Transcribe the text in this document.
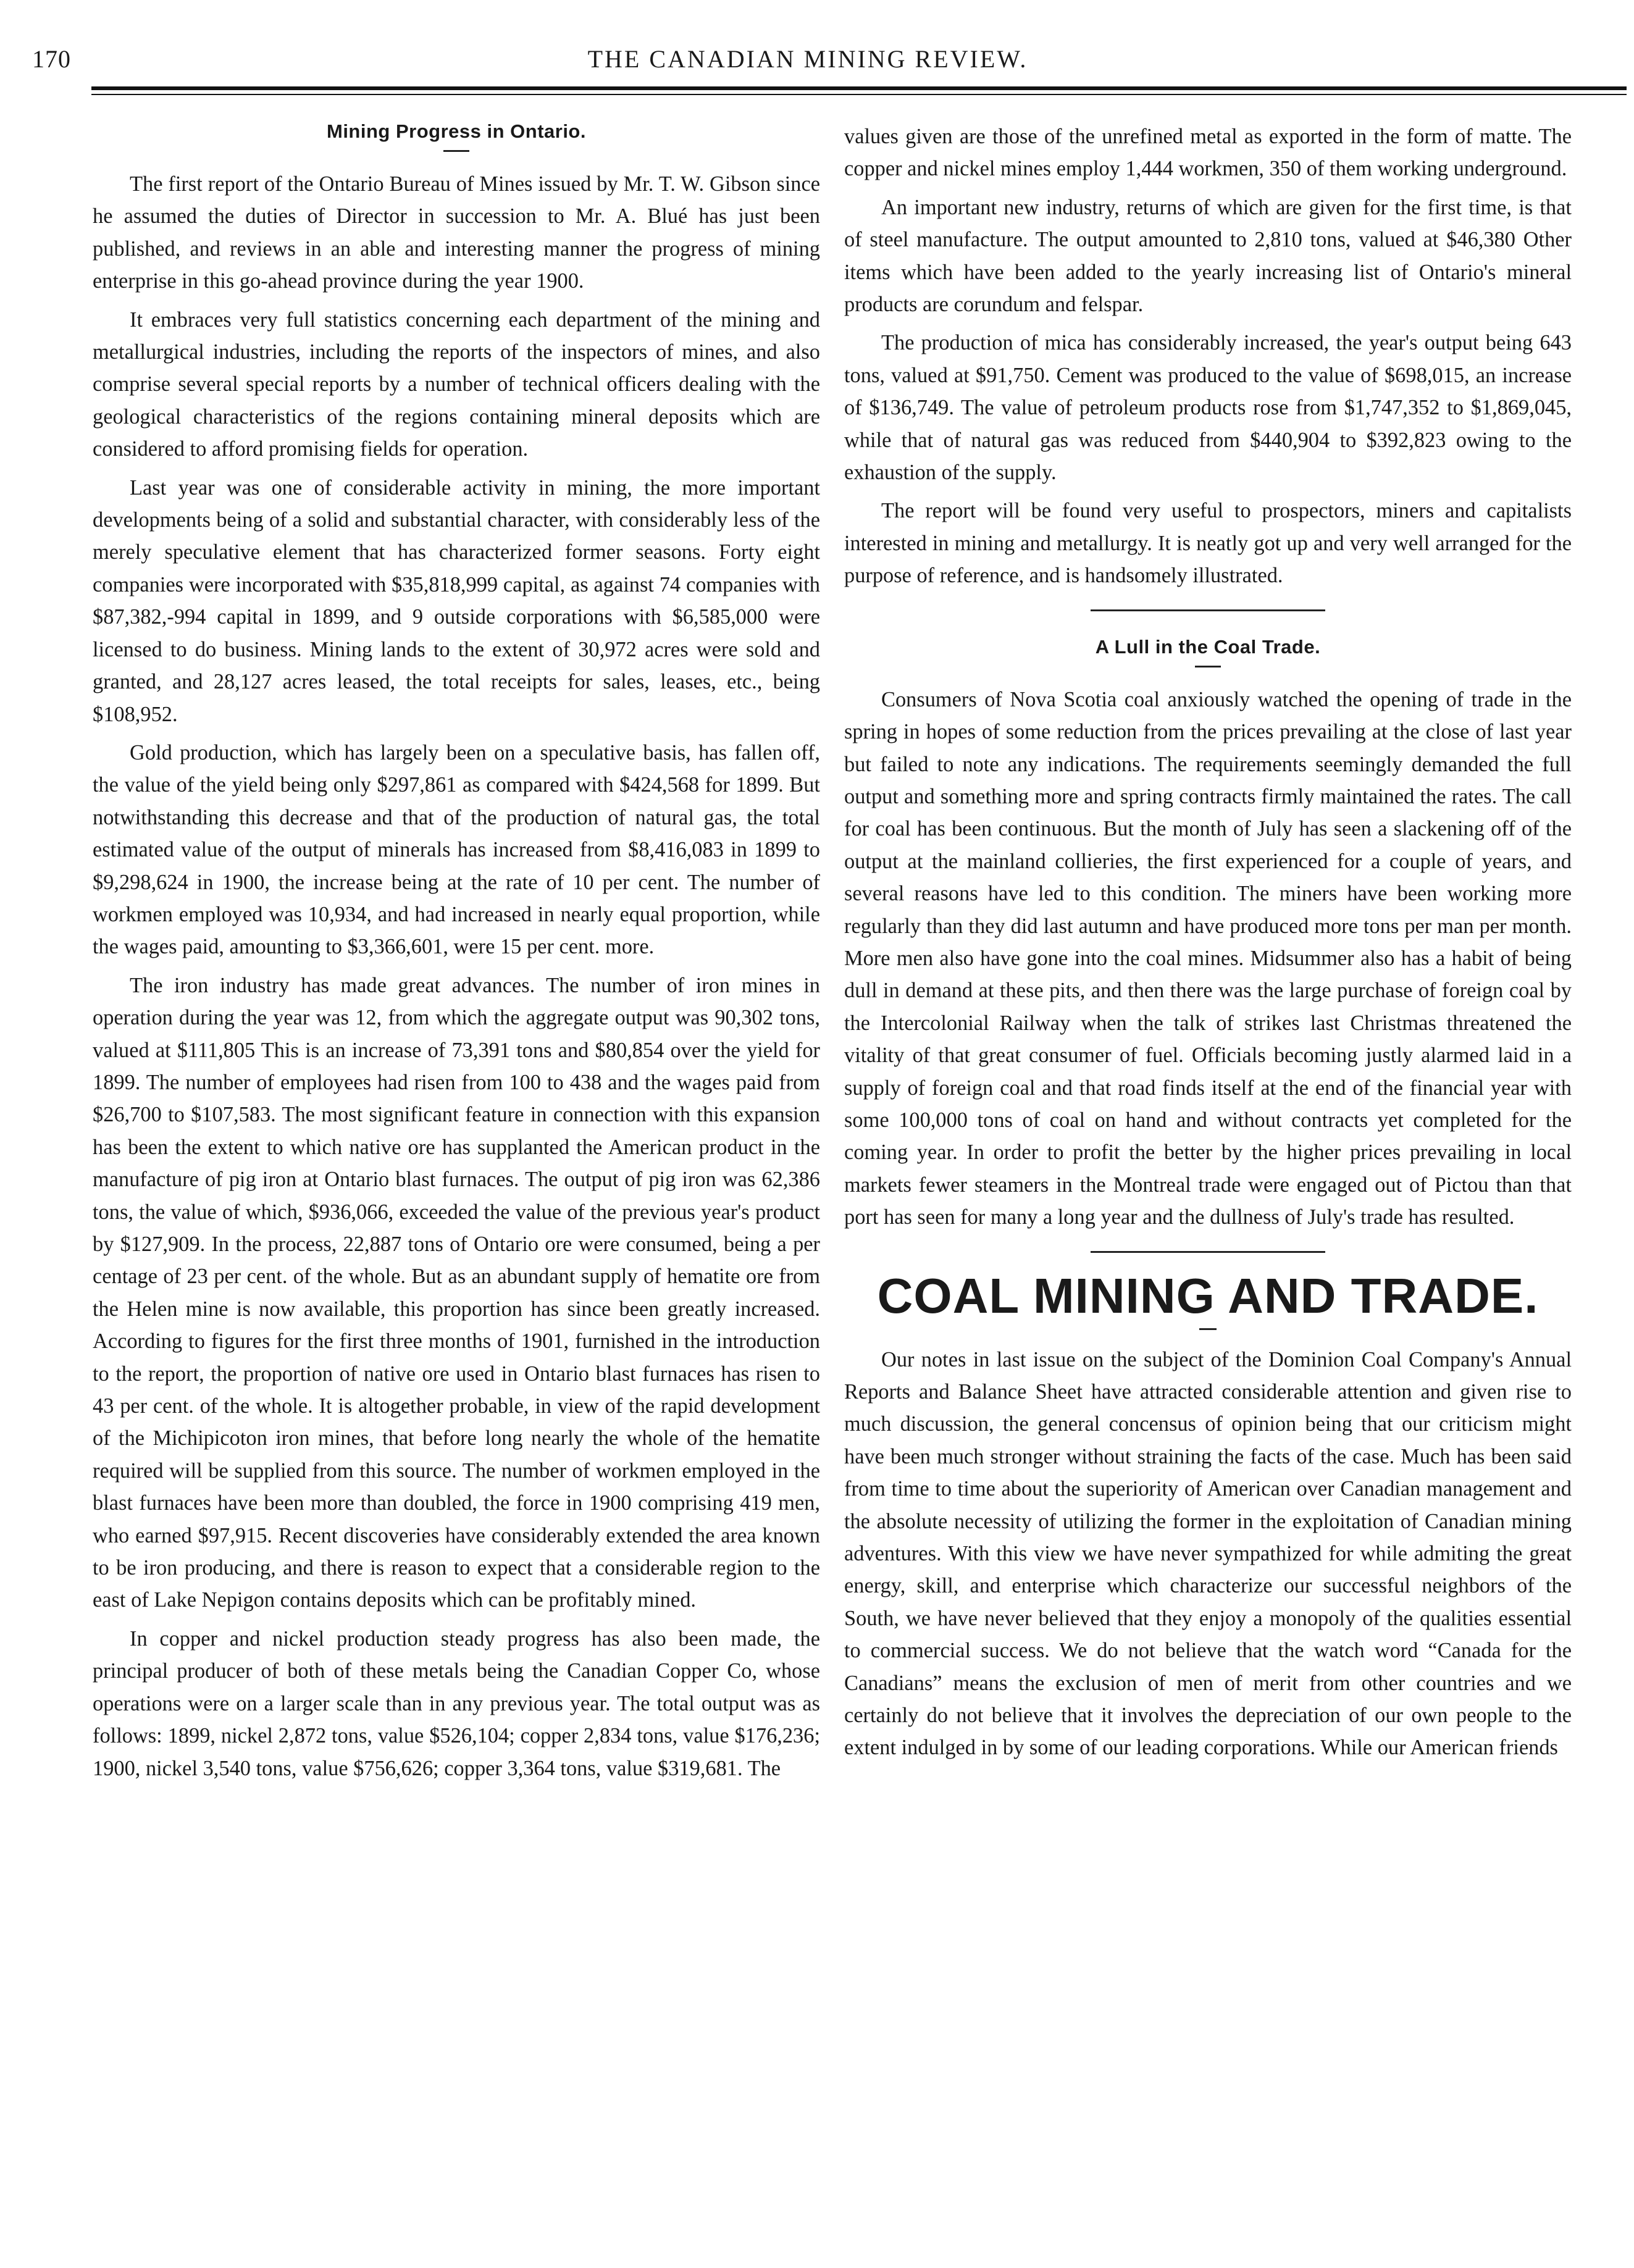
170	THE CANADIAN MINING REVIEW.
Mining Progress in Ontario.

The first report of the Ontario Bureau of Mines issued by Mr. T. W. Gibson since he assumed the duties of Director in succession to Mr. A. Blué has just been published, and reviews in an able and interesting manner the progress of mining enterprise in this go-ahead province during the year 1900.

It embraces very full statistics concerning each department of the mining and metallurgical industries, including the reports of the inspectors of mines, and also comprise several special reports by a number of technical officers dealing with the geological characteristics of the regions containing mineral deposits which are considered to afford promising fields for operation.

Last year was one of considerable activity in mining, the more important developments being of a solid and substantial character, with considerably less of the merely speculative element that has characterized former seasons. Forty eight companies were incorporated with $35,818,999 capital, as against 74 companies with $87,382,-994 capital in 1899, and 9 outside corporations with $6,585,000 were licensed to do business. Mining lands to the extent of 30,972 acres were sold and granted, and 28,127 acres leased, the total receipts for sales, leases, etc., being $108,952.

Gold production, which has largely been on a speculative basis, has fallen off, the value of the yield being only $297,861 as compared with $424,568 for 1899. But notwithstanding this decrease and that of the production of natural gas, the total estimated value of the output of minerals has increased from $8,416,083 in 1899 to $9,298,624 in 1900, the increase being at the rate of 10 per cent. The number of workmen employed was 10,934, and had increased in nearly equal proportion, while the wages paid, amounting to $3,366,601, were 15 per cent. more.

The iron industry has made great advances. The number of iron mines in operation during the year was 12, from which the aggregate output was 90,302 tons, valued at $111,805 This is an increase of 73,391 tons and $80,854 over the yield for 1899. The number of employees had risen from 100 to 438 and the wages paid from $26,700 to $107,583. The most significant feature in connection with this expansion has been the extent to which native ore has supplanted the American product in the manufacture of pig iron at Ontario blast furnaces. The output of pig iron was 62,386 tons, the value of which, $936,066, exceeded the value of the previous year's product by $127,909. In the process, 22,887 tons of Ontario ore were consumed, being a per centage of 23 per cent. of the whole. But as an abundant supply of hematite ore from the Helen mine is now available, this proportion has since been greatly increased. According to figures for the first three months of 1901, furnished in the introduction to the report, the proportion of native ore used in Ontario blast furnaces has risen to 43 per cent. of the whole. It is altogether probable, in view of the rapid development of the Michipicoton iron mines, that before long nearly the whole of the hematite required will be supplied from this source. The number of workmen employed in the blast furnaces have been more than doubled, the force in 1900 comprising 419 men, who earned $97,915. Recent discoveries have considerably extended the area known to be iron producing, and there is reason to expect that a considerable region to the east of Lake Nepigon contains deposits which can be profitably mined.

In copper and nickel production steady progress has also been made, the principal producer of both of these metals being the Canadian Copper Co, whose operations were on a larger scale than in any previous year. The total output was as follows: 1899, nickel 2,872 tons, value $526,104; copper 2,834 tons, value $176,236; 1900, nickel 3,540 tons, value $756,626; copper 3,364 tons, value $319,681. The

values given are those of the unrefined metal as exported in the form of matte. The copper and nickel mines employ 1,444 workmen, 350 of them working underground.

An important new industry, returns of which are given for the first time, is that of steel manufacture. The output amounted to 2,810 tons, valued at $46,380 Other items which have been added to the yearly increasing list of Ontario's mineral products are corundum and felspar.

The production of mica has considerably increased, the year's output being 643 tons, valued at $91,750. Cement was produced to the value of $698,015, an increase of $136,749. The value of petroleum products rose from $1,747,352 to $1,869,045, while that of natural gas was reduced from $440,904 to $392,823 owing to the exhaustion of the supply.

The report will be found very useful to prospectors, miners and capitalists interested in mining and metallurgy. It is neatly got up and very well arranged for the purpose of reference, and is handsomely illustrated.

A Lull in the Coal Trade.

Consumers of Nova Scotia coal anxiously watched the opening of trade in the spring in hopes of some reduction from the prices prevailing at the close of last year but failed to note any indications. The requirements seemingly demanded the full output and something more and spring contracts firmly maintained the rates. The call for coal has been continuous. But the month of July has seen a slackening off of the output at the mainland collieries, the first experienced for a couple of years, and several reasons have led to this condition. The miners have been working more regularly than they did last autumn and have produced more tons per man per month. More men also have gone into the coal mines. Midsummer also has a habit of being dull in demand at these pits, and then there was the large purchase of foreign coal by the Intercolonial Railway when the talk of strikes last Christmas threatened the vitality of that great consumer of fuel. Officials becoming justly alarmed laid in a supply of foreign coal and that road finds itself at the end of the financial year with some 100,000 tons of coal on hand and without contracts yet completed for the coming year. In order to profit the better by the higher prices prevailing in local markets fewer steamers in the Montreal trade were engaged out of Pictou than that port has seen for many a long year and the dullness of July's trade has resulted.

COAL MINING AND TRADE.

Our notes in last issue on the subject of the Dominion Coal Company's Annual Reports and Balance Sheet have attracted considerable attention and given rise to much discussion, the general concensus of opinion being that our criticism might have been much stronger without straining the facts of the case. Much has been said from time to time about the superiority of American over Canadian management and the absolute necessity of utilizing the former in the exploitation of Canadian mining adventures. With this view we have never sympathized for while admiting the great energy, skill, and enterprise which characterize our successful neighbors of the South, we have never believed that they enjoy a monopoly of the qualities essential to commercial success. We do not believe that the watch word “Canada for the Canadians” means the exclusion of men of merit from other countries and we certainly do not believe that it involves the depreciation of our own people to the extent indulged in by some of our leading corporations. While our American friends
